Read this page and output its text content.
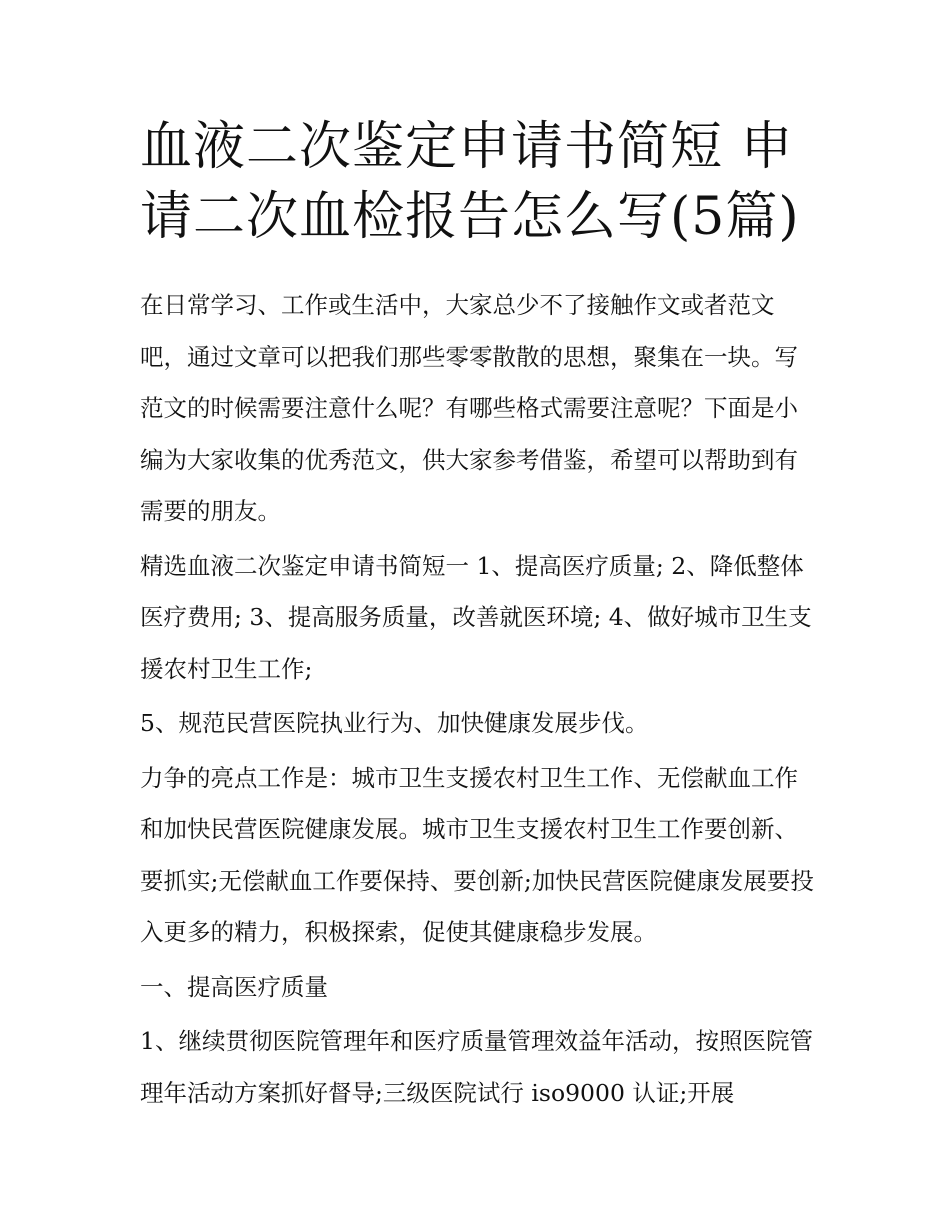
血液二次鉴定申请书简短 申请二次血检报告怎么写(5篇)

在日常学习、工作或生活中，大家总少不了接触作文或者范文吧，通过文章可以把我们那些零零散散的思想，聚集在一块。写范文的时候需要注意什么呢？有哪些格式需要注意呢？下面是小编为大家收集的优秀范文，供大家参考借鉴，希望可以帮助到有需要的朋友。

精选血液二次鉴定申请书简短一 1、提高医疗质量; 2、降低整体医疗费用; 3、提高服务质量，改善就医环境; 4、做好城市卫生支援农村卫生工作;

5、规范民营医院执业行为、加快健康发展步伐。

力争的亮点工作是：城市卫生支援农村卫生工作、无偿献血工作和加快民营医院健康发展。城市卫生支援农村卫生工作要创新、要抓实;无偿献血工作要保持、要创新;加快民营医院健康发展要投入更多的精力，积极探索，促使其健康稳步发展。

一、提高医疗质量

1、继续贯彻医院管理年和医疗质量管理效益年活动，按照医院管理年活动方案抓好督导;三级医院试行 iso9000 认证;开展
